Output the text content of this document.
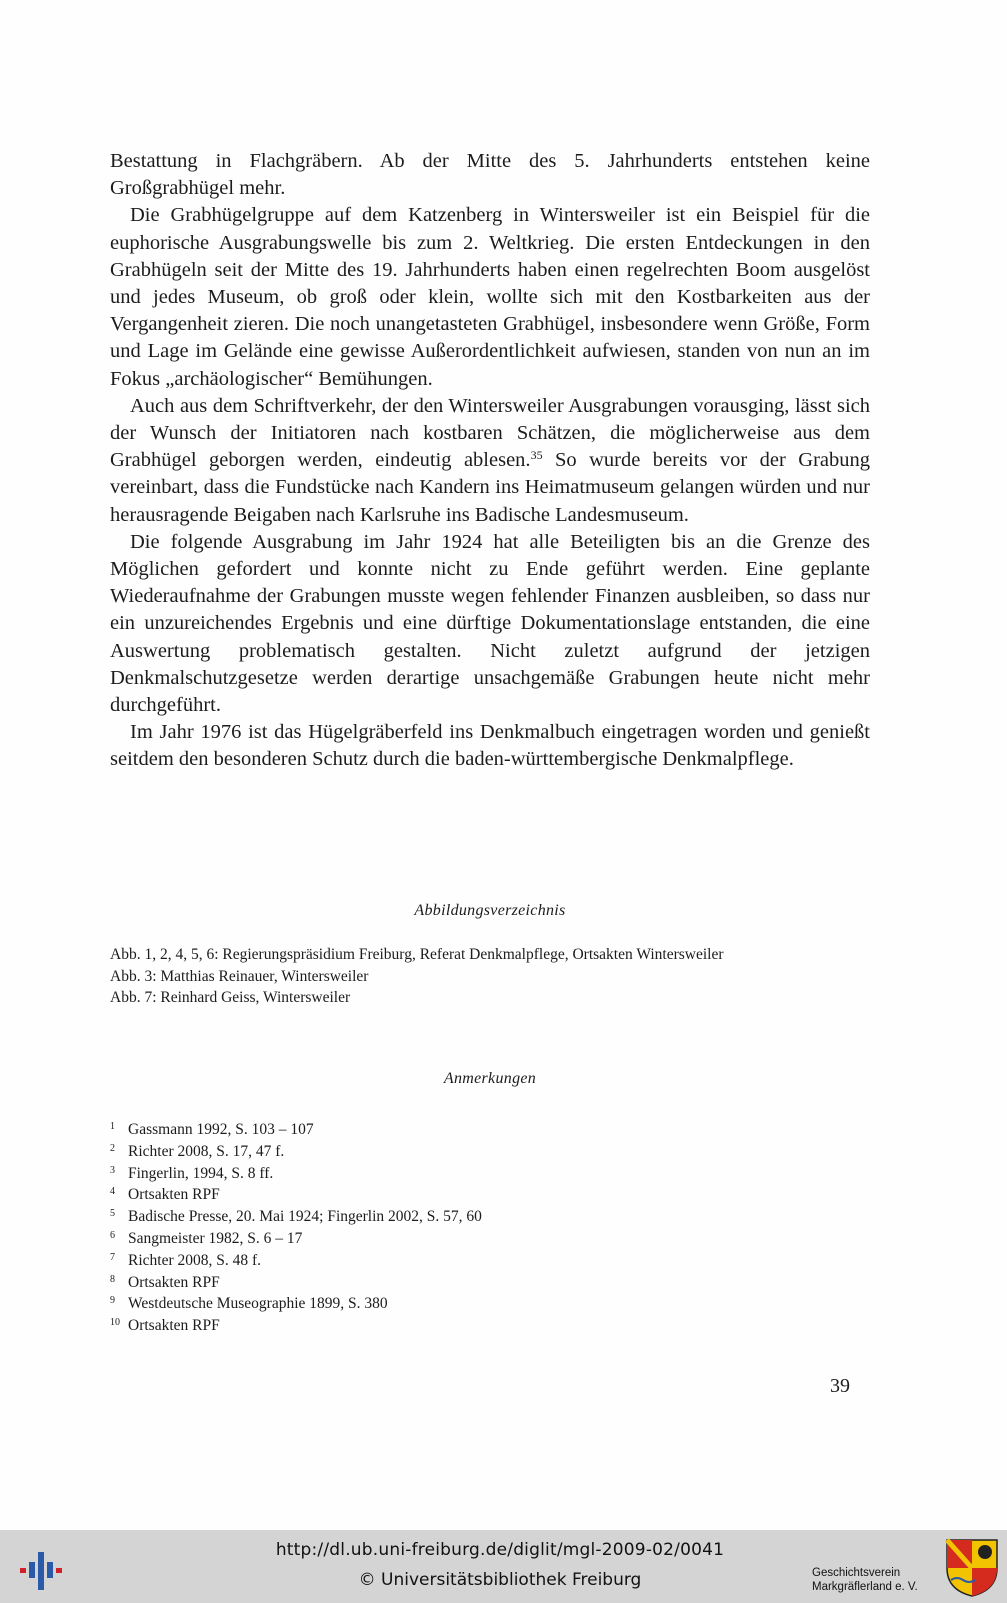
Bestattung in Flachgräbern. Ab der Mitte des 5. Jahrhunderts entstehen keine Großgrabhügel mehr.

Die Grabhügelgruppe auf dem Katzenberg in Wintersweiler ist ein Beispiel für die euphorische Ausgrabungswelle bis zum 2. Weltkrieg. Die ersten Entdeckungen in den Grabhügeln seit der Mitte des 19. Jahrhunderts haben einen regelrechten Boom ausgelöst und jedes Museum, ob groß oder klein, wollte sich mit den Kostbarkeiten aus der Vergangenheit zieren. Die noch unangetasteten Grabhügel, insbesondere wenn Größe, Form und Lage im Gelände eine gewisse Außerordentlichkeit aufwiesen, standen von nun an im Fokus „archäologischer“ Bemühungen.

Auch aus dem Schriftverkehr, der den Wintersweiler Ausgrabungen vorausging, lässt sich der Wunsch der Initiatoren nach kostbaren Schätzen, die möglicherweise aus dem Grabhügel geborgen werden, eindeutig ablesen.$^{35}$ So wurde bereits vor der Grabung vereinbart, dass die Fundstücke nach Kandern ins Heimatmuseum gelangen würden und nur herausragende Beigaben nach Karlsruhe ins Badische Landesmuseum.

Die folgende Ausgrabung im Jahr 1924 hat alle Beteiligten bis an die Grenze des Möglichen gefordert und konnte nicht zu Ende geführt werden. Eine geplante Wiederaufnahme der Grabungen musste wegen fehlender Finanzen ausbleiben, so dass nur ein unzureichendes Ergebnis und eine dürftige Dokumentationslage entstanden, die eine Auswertung problematisch gestalten. Nicht zuletzt aufgrund der jetzigen Denkmalschutzgesetze werden derartige unsachgemäße Grabungen heute nicht mehr durchgeführt.

Im Jahr 1976 ist das Hügelgräberfeld ins Denkmalbuch eingetragen worden und genießt seitdem den besonderen Schutz durch die baden-württembergische Denkmalpflege.

Abbildungsverzeichnis
Abb. 1, 2, 4, 5, 6: Regierungspräsidium Freiburg, Referat Denkmalpflege, Ortsakten Wintersweiler
Abb. 3: Matthias Reinauer, Wintersweiler
Abb. 7: Reinhard Geiss, Wintersweiler
Anmerkungen
1 Gassmann 1992, S. 103 – 107
2 Richter 2008, S. 17, 47 f.
3 Fingerlin, 1994, S. 8 ff.
4 Ortsakten RPF
5 Badische Presse, 20. Mai 1924; Fingerlin 2002, S. 57, 60
6 Sangmeister 1982, S. 6 – 17
7 Richter 2008, S. 48 f.
8 Ortsakten RPF
9 Westdeutsche Museographie 1899, S. 380
10 Ortsakten RPF
39
http://dl.ub.uni-freiburg.de/diglit/mgl-2009-02/0041
© Universitätsbibliothek Freiburg	Geschichtsverein
Markgräflerland e. V.
